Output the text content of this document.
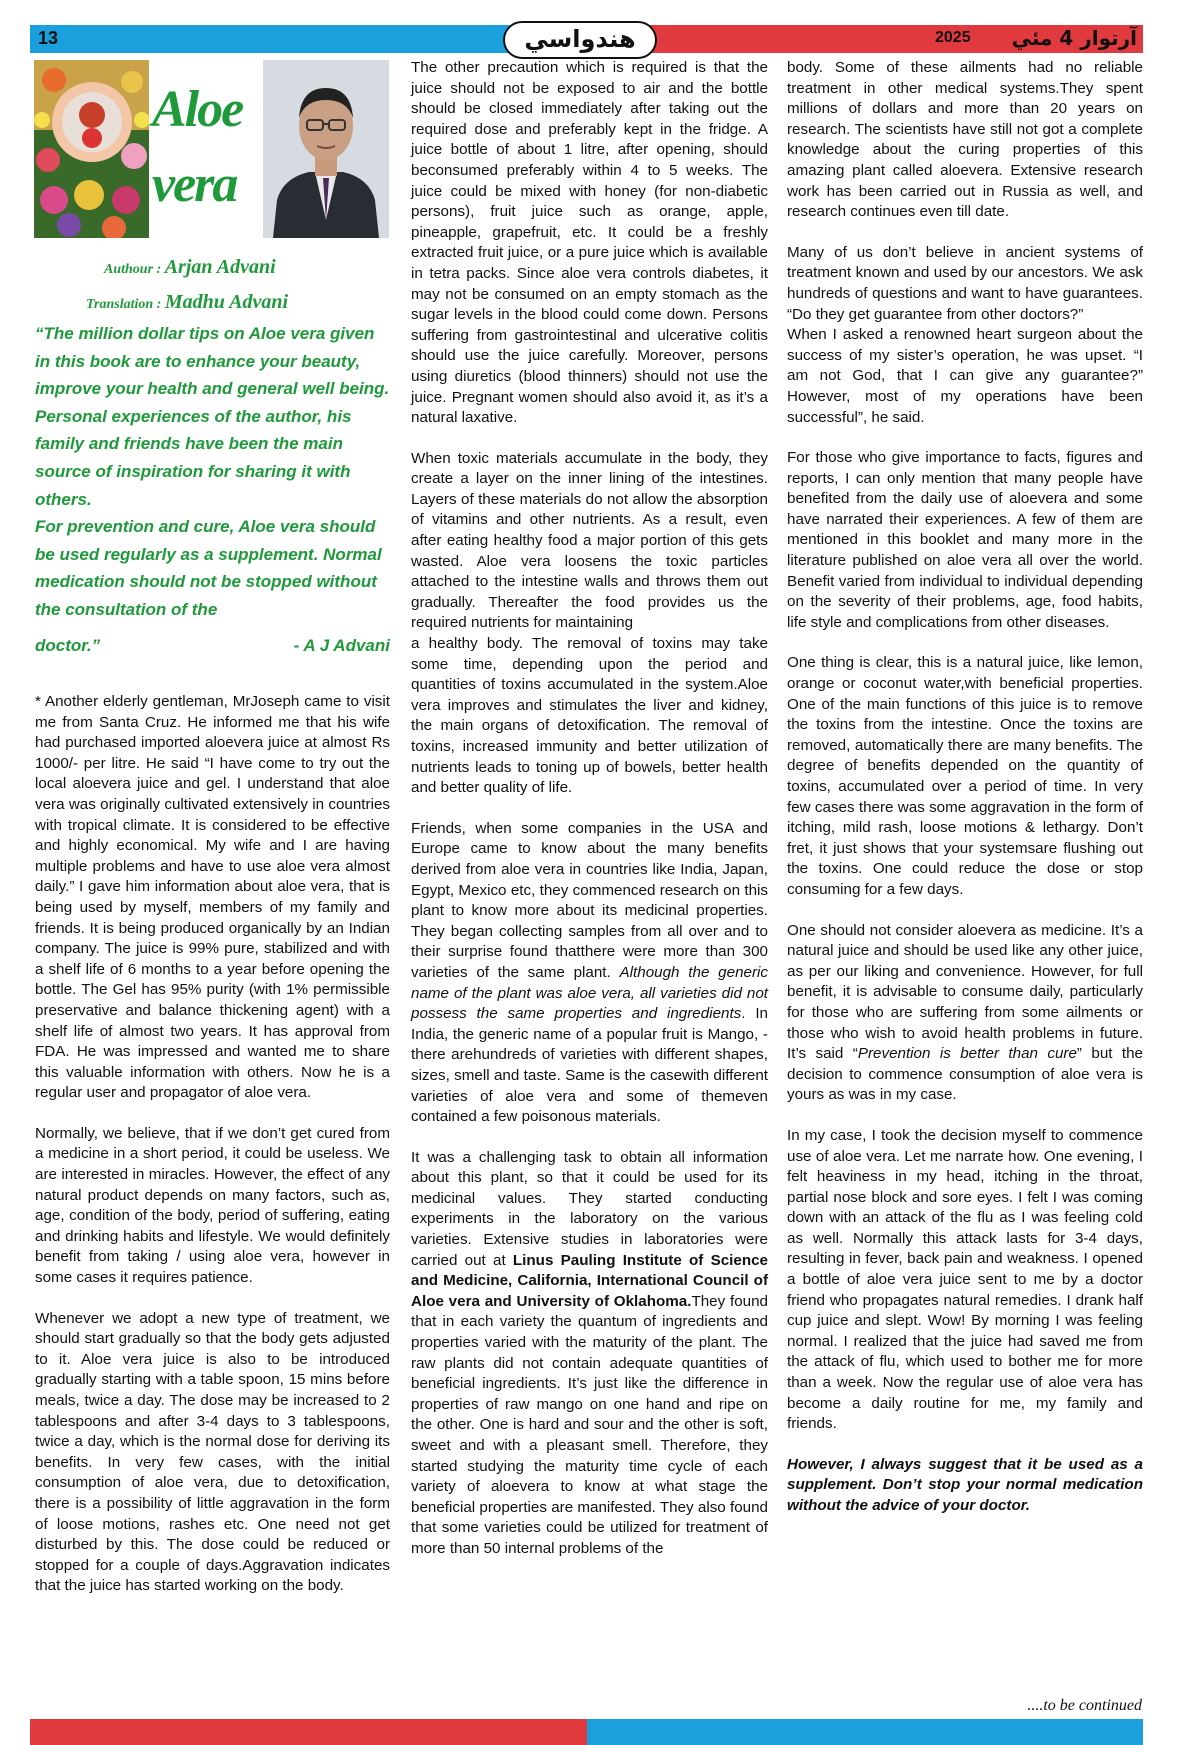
13	هندواسي	2025 آرتوار 4 مئي
Aloe
vera
Authour : Arjan Advani
Translation : Madhu Advani
“The million dollar tips on Aloe vera given in this book are to enhance your beauty, improve your health and general well being.
Personal experiences of the author, his family and friends have been the main source of inspiration for sharing it with others.
For prevention and cure, Aloe vera should be used regularly as a supplement. Normal medication should not be stopped without the consultation of the
doctor.”	- A J Advani

* Another elderly gentleman, MrJoseph came to visit me from Santa Cruz. He informed me that his wife had purchased imported aloevera juice at almost Rs 1000/- per litre. He said “I have come to try out the local aloevera juice and gel. I understand that aloe vera was originally cultivated extensively in countries with tropical climate. It is considered to be effective and highly economical. My wife and I are having multiple problems and have to use aloe vera almost daily.” I gave him information about aloe vera, that is being used by myself, members of my family and friends. It is being produced organically by an Indian company. The juice is 99% pure, stabilized and with a shelf life of 6 months to a year before opening the bottle. The Gel has 95% purity (with 1% permissible preservative and balance thickening agent) with a shelf life of almost two years. It has approval from FDA. He was impressed and wanted me to share this valuable information with others. Now he is a regular user and propagator of aloe vera.

Normally, we believe, that if we don’t get cured from a medicine in a short period, it could be useless. We are interested in miracles. However, the effect of any natural product depends on many factors, such as, age, condition of the body, period of suffering, eating and drinking habits and lifestyle. We would definitely benefit from taking / using aloe vera, however in some cases it requires patience.

Whenever we adopt a new type of treatment, we should start gradually so that the body gets adjusted to it. Aloe vera juice is also to be introduced gradually starting with a table spoon, 15 mins before meals, twice a day. The dose may be increased to 2 tablespoons and after 3-4 days to 3 tablespoons, twice a day, which is the normal dose for deriving its benefits. In very few cases, with the initial consumption of aloe vera, due to detoxification, there is a possibility of little aggravation in the form of loose motions, rashes etc. One need not get disturbed by this. The dose could be reduced or stopped for a couple of days.Aggravation indicates that the juice has started working on the body.

The other precaution which is required is that the juice should not be exposed to air and the bottle should be closed immediately after taking out the required dose and preferably kept in the fridge. A juice bottle of about 1 litre, after opening, should beconsumed preferably within 4 to 5 weeks. The juice could be mixed with honey (for non-diabetic persons), fruit juice such as orange, apple, pineapple, grapefruit, etc. It could be a freshly extracted fruit juice, or a pure juice which is available in tetra packs. Since aloe vera controls diabetes, it may not be consumed on an empty stomach as the sugar levels in the blood could come down. Persons suffering from gastrointestinal and ulcerative colitis should use the juice carefully. Moreover, persons using diuretics (blood thinners) should not use the juice. Pregnant women should also avoid it, as it’s a natural laxative.

When toxic materials accumulate in the body, they create a layer on the inner lining of the intestines. Layers of these materials do not allow the absorption of vitamins and other nutrients. As a result, even after eating healthy food a major portion of this gets wasted. Aloe vera loosens the toxic particles attached to the intestine walls and throws them out gradually. Thereafter the food provides us the required nutrients for maintaining

a healthy body. The removal of toxins may take some time, depending upon the period and quantities of toxins accumulated in the system.Aloe vera improves and stimulates the liver and kidney, the main organs of detoxification. The removal of toxins, increased immunity and better utilization of nutrients leads to toning up of bowels, better health and better quality of life.

Friends, when some companies in the USA and Europe came to know about the many benefits derived from aloe vera in countries like India, Japan, Egypt, Mexico etc, they commenced research on this plant to know more about its medicinal properties. They began collecting samples from all over and to their surprise found thatthere were more than 300 varieties of the same plant. Although the generic name of the plant was aloe vera, all varieties did not possess the same properties and ingredients. In India, the generic name of a popular fruit is Mango, - there arehundreds of varieties with different shapes, sizes, smell and taste. Same is the casewith different varieties of aloe vera and some of themeven contained a few poisonous materials.

It was a challenging task to obtain all information about this plant, so that it could be used for its medicinal values. They started conducting experiments in the laboratory on the various varieties. Extensive studies in laboratories were carried out at Linus Pauling Institute of Science and Medicine, California, International Council of Aloe vera and University of Oklahoma.They found that in each variety the quantum of ingredients and properties varied with the maturity of the plant. The raw plants did not contain adequate quantities of beneficial ingredients. It’s just like the difference in properties of raw mango on one hand and ripe on the other. One is hard and sour and the other is soft, sweet and with a pleasant smell. Therefore, they started studying the maturity time cycle of each variety of aloevera to know at what stage the beneficial properties are manifested. They also found that some varieties could be utilized for treatment of more than 50 internal problems of the

body. Some of these ailments had no reliable treatment in other medical systems.They spent millions of dollars and more than 20 years on research. The scientists have still not got a complete knowledge about the curing properties of this amazing plant called aloevera. Extensive research work has been carried out in Russia as well, and research continues even till date.

Many of us don’t believe in ancient systems of treatment known and used by our ancestors. We ask hundreds of questions and want to have guarantees. “Do they get guarantee from other doctors?”

When I asked a renowned heart surgeon about the success of my sister’s operation, he was upset. “I am not God, that I can give any guarantee?” However, most of my operations have been successful”, he said.

For those who give importance to facts, figures and reports, I can only mention that many people have benefited from the daily use of aloevera and some have narrated their experiences. A few of them are mentioned in this booklet and many more in the literature published on aloe vera all over the world. Benefit varied from individual to individual depending on the severity of their problems, age, food habits, life style and complications from other diseases.

One thing is clear, this is a natural juice, like lemon, orange or coconut water,with beneficial properties. One of the main functions of this juice is to remove the toxins from the intestine. Once the toxins are removed, automatically there are many benefits. The degree of benefits depended on the quantity of toxins, accumulated over a period of time. In very few cases there was some aggravation in the form of itching, mild rash, loose motions & lethargy. Don’t fret, it just shows that your systemsare flushing out the toxins. One could reduce the dose or stop consuming for a few days.

One should not consider aloevera as medicine. It’s a natural juice and should be used like any other juice, as per our liking and convenience. However, for full benefit, it is advisable to consume daily, particularly for those who are suffering from some ailments or those who wish to avoid health problems in future. It’s said “Prevention is better than cure” but the decision to commence consumption of aloe vera is yours as was in my case.

In my case, I took the decision myself to commence use of aloe vera. Let me narrate how. One evening, I felt heaviness in my head, itching in the throat, partial nose block and sore eyes. I felt I was coming down with an attack of the flu as I was feeling cold as well. Normally this attack lasts for 3-4 days, resulting in fever, back pain and weakness. I opened a bottle of aloe vera juice sent to me by a doctor friend who propagates natural remedies. I drank half cup juice and slept. Wow! By morning I was feeling normal. I realized that the juice had saved me from the attack of flu, which used to bother me for more than a week. Now the regular use of aloe vera has become a daily routine for me, my family and friends.

However, I always suggest that it be used as a supplement. Don’t stop your normal medication without the advice of your doctor.

....to be continued
